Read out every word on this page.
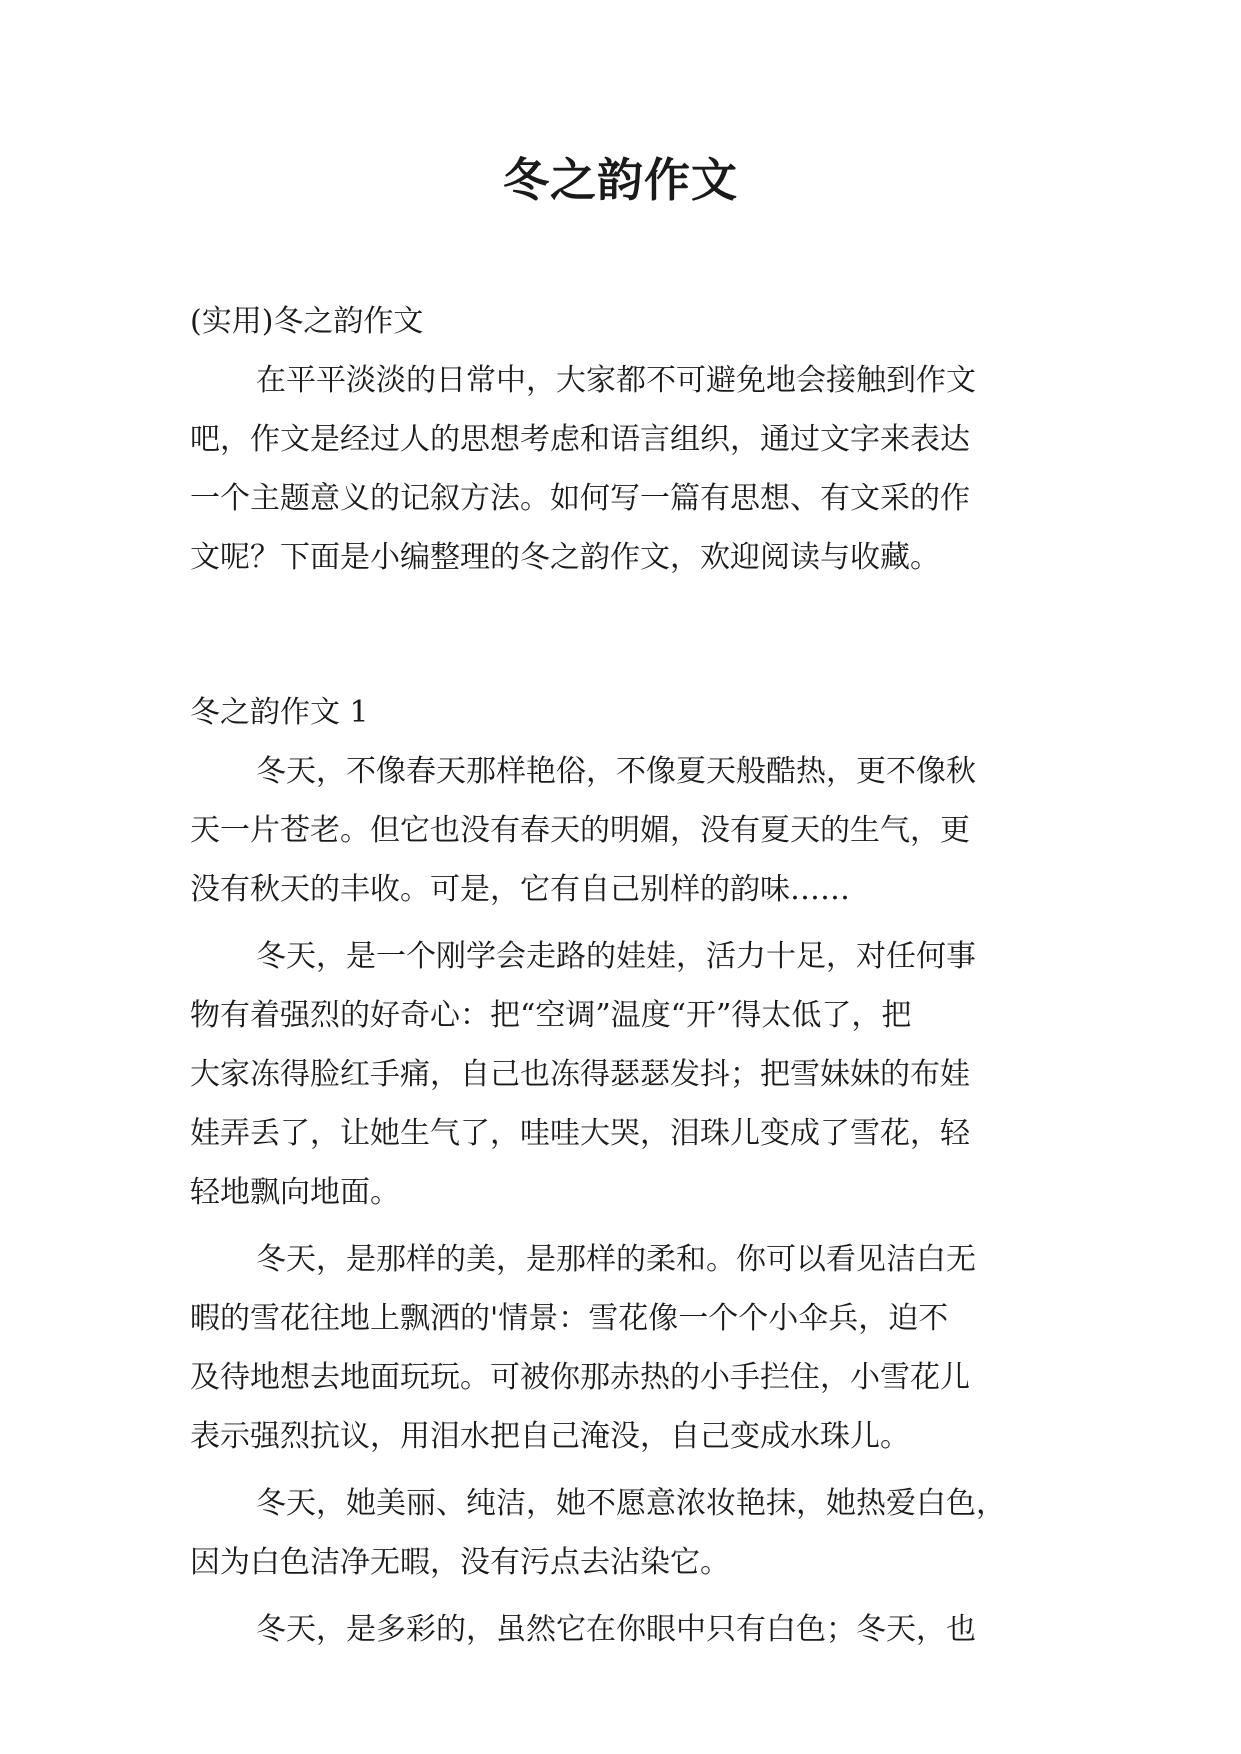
冬之韵作文

(实用)冬之韵作文

在平平淡淡的日常中，大家都不可避免地会接触到作文

吧，作文是经过人的思想考虑和语言组织，通过文字来表达

一个主题意义的记叙方法。如何写一篇有思想、有文采的作

文呢？下面是小编整理的冬之韵作文，欢迎阅读与收藏。

冬之韵作文 1

冬天，不像春天那样艳俗，不像夏天般酷热，更不像秋

天一片苍老。但它也没有春天的明媚，没有夏天的生气，更

没有秋天的丰收。可是，它有自己别样的韵味……

冬天，是一个刚学会走路的娃娃，活力十足，对任何事

物有着强烈的好奇心：把“空调”温度“开”得太低了，把

大家冻得脸红手痛，自己也冻得瑟瑟发抖；把雪妹妹的布娃

娃弄丢了，让她生气了，哇哇大哭，泪珠儿变成了雪花，轻

轻地飘向地面。

冬天，是那样的美，是那样的柔和。你可以看见洁白无

暇的雪花往地上飘洒的'情景：雪花像一个个小伞兵，迫不

及待地想去地面玩玩。可被你那赤热的小手拦住，小雪花儿

表示强烈抗议，用泪水把自己淹没，自己变成水珠儿。

冬天，她美丽、纯洁，她不愿意浓妆艳抹，她热爱白色，

因为白色洁净无暇，没有污点去沾染它。

冬天，是多彩的，虽然它在你眼中只有白色；冬天，也
